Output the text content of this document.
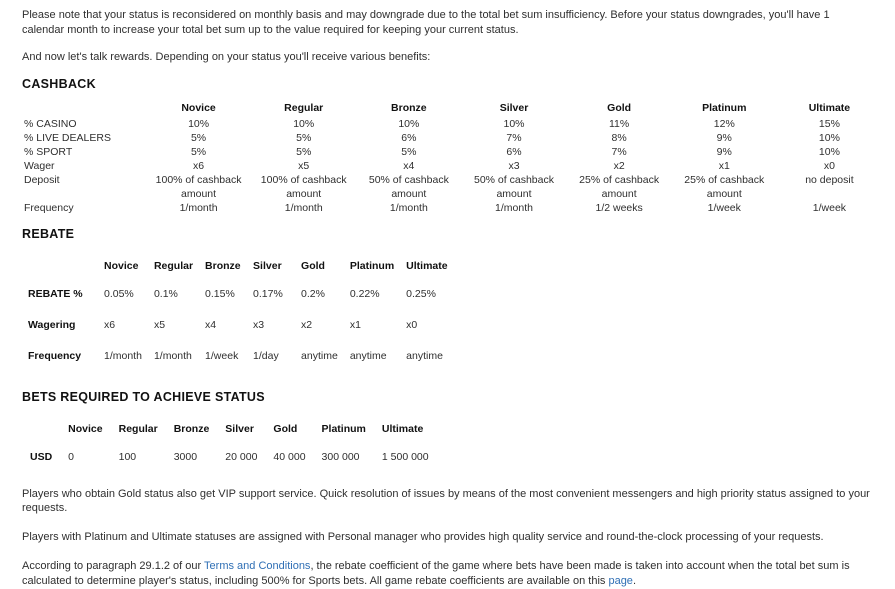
Please note that your status is reconsidered on monthly basis and may downgrade due to the total bet sum insufficiency. Before your status downgrades, you'll have 1 calendar month to increase your total bet sum up to the value required for keeping your current status.

And now let's talk rewards. Depending on your status you'll receive various benefits:

CASHBACK
	Novice	Regular	Bronze	Silver	Gold	Platinum	Ultimate
% CASINO	10%	10%	10%	10%	11%	12%	15%
% LIVE DEALERS	5%	5%	6%	7%	8%	9%	10%
% SPORT	5%	5%	5%	6%	7%	9%	10%
Wager	x6	x5	x4	x3	x2	x1	x0
Deposit	100% of cashback amount	100% of cashback amount	50% of cashback amount	50% of cashback amount	25% of cashback amount	25% of cashback amount	no deposit
Frequency	1/month	1/month	1/month	1/month	1/2 weeks	1/week	1/week
REBATE
	Novice	Regular	Bronze	Silver	Gold	Platinum	Ultimate
REBATE %	0.05%	0.1%	0.15%	0.17%	0.2%	0.22%	0.25%
Wagering	x6	x5	x4	x3	x2	x1	x0
Frequency	1/month	1/month	1/week	1/day	anytime	anytime	anytime
BETS REQUIRED TO ACHIEVE STATUS
	Novice	Regular	Bronze	Silver	Gold	Platinum	Ultimate
USD	0	100	3000	20 000	40 000	300 000	1 500 000

Players who obtain Gold status also get VIP support service. Quick resolution of issues by means of the most convenient messengers and high priority status assigned to your requests.

Players with Platinum and Ultimate statuses are assigned with Personal manager who provides high quality service and round-the-clock processing of your requests.

According to paragraph 29.1.2 of our Terms and Conditions, the rebate coefficient of the game where bets have been made is taken into account when the total bet sum is calculated to determine player's status, including 500% for Sports bets. All game rebate coefficients are available on this page.
